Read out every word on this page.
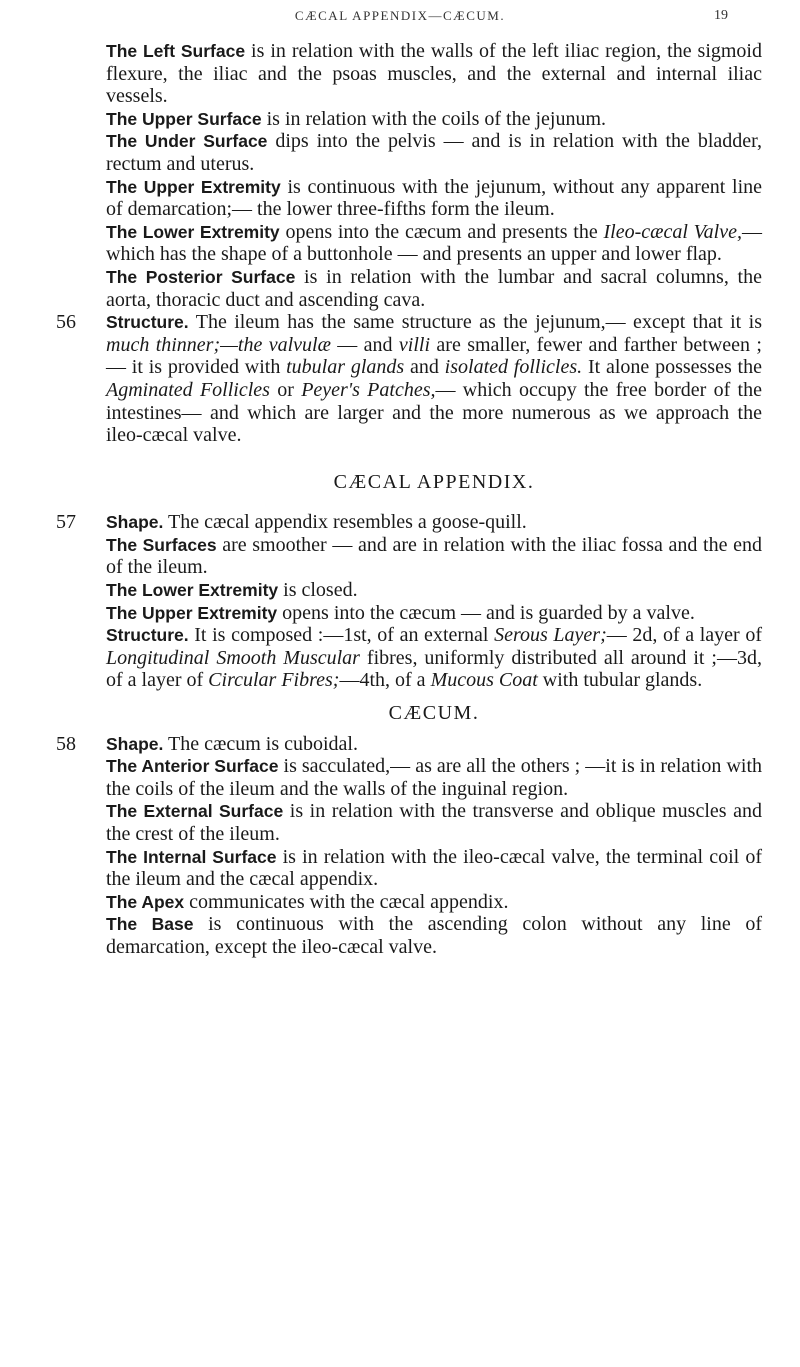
CÆCAL APPENDIX—CÆCUM.	19

The Left Surface is in relation with the walls of the left iliac region, the sigmoid flexure, the iliac and the psoas muscles, and the external and internal iliac vessels.

The Upper Surface is in relation with the coils of the jejunum.

The Under Surface dips into the pelvis — and is in relation with the bladder, rectum and uterus.

The Upper Extremity is continuous with the jejunum, without any apparent line of demarcation;— the lower three-fifths form the ileum.

The Lower Extremity opens into the cæcum and presents the Ileo-cæcal Valve,—which has the shape of a buttonhole — and presents an upper and lower flap.

The Posterior Surface is in relation with the lumbar and sacral columns, the aorta, thoracic duct and ascending cava.

56	Structure. The ileum has the same structure as the jejunum,— except that it is much thinner;—the valvulæ — and villi are smaller, fewer and farther between ;— it is provided with tubular glands and isolated follicles. It alone possesses the Agminated Follicles or Peyer's Patches,— which occupy the free border of the intestines— and which are larger and the more numerous as we approach the ileo-cæcal valve.

CÆCAL APPENDIX.

57	Shape. The cæcal appendix resembles a goose-quill.

The Surfaces are smoother — and are in relation with the iliac fossa and the end of the ileum.

The Lower Extremity is closed.

The Upper Extremity opens into the cæcum — and is guarded by a valve.

Structure. It is composed :—1st, of an external Serous Layer;— 2d, of a layer of Longitudinal Smooth Muscular fibres, uniformly distributed all around it ;—3d, of a layer of Circular Fibres;—4th, of a Mucous Coat with tubular glands.

CÆCUM.

58	Shape. The cæcum is cuboidal.

The Anterior Surface is sacculated,— as are all the others ; —it is in relation with the coils of the ileum and the walls of the inguinal region.

The External Surface is in relation with the transverse and oblique muscles and the crest of the ileum.

The Internal Surface is in relation with the ileo-cæcal valve, the terminal coil of the ileum and the cæcal appendix.

The Apex communicates with the cæcal appendix.

The Base is continuous with the ascending colon without any line of demarcation, except the ileo-cæcal valve.
